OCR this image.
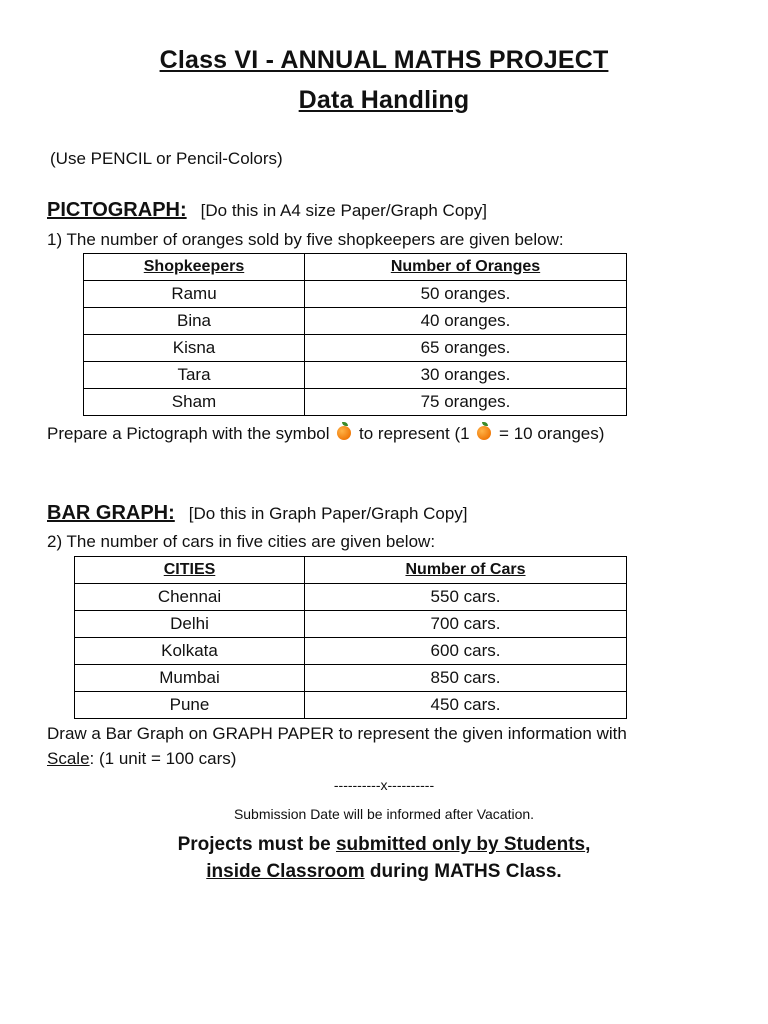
Class VI - ANNUAL MATHS PROJECT
Data Handling
(Use PENCIL or Pencil-Colors)
PICTOGRAPH: [Do this in A4 size Paper/Graph Copy]
1) The number of oranges sold by five shopkeepers are given below:
Shopkeepers	Number of Oranges
Ramu	50 oranges.
Bina	40 oranges.
Kisna	65 oranges.
Tara	30 oranges.
Sham	75 oranges.
Prepare a Pictograph with the symbol to represent (1 = 10 oranges)
BAR GRAPH: [Do this in Graph Paper/Graph Copy]
2) The number of cars in five cities are given below:
CITIES	Number of Cars
Chennai	550 cars.
Delhi	700 cars.
Kolkata	600 cars.
Mumbai	850 cars.
Pune	450 cars.
Draw a Bar Graph on GRAPH PAPER to represent the given information with
Scale: (1 unit = 100 cars)
----------x----------
Submission Date will be informed after Vacation.
Projects must be submitted only by Students,
inside Classroom during MATHS Class.
